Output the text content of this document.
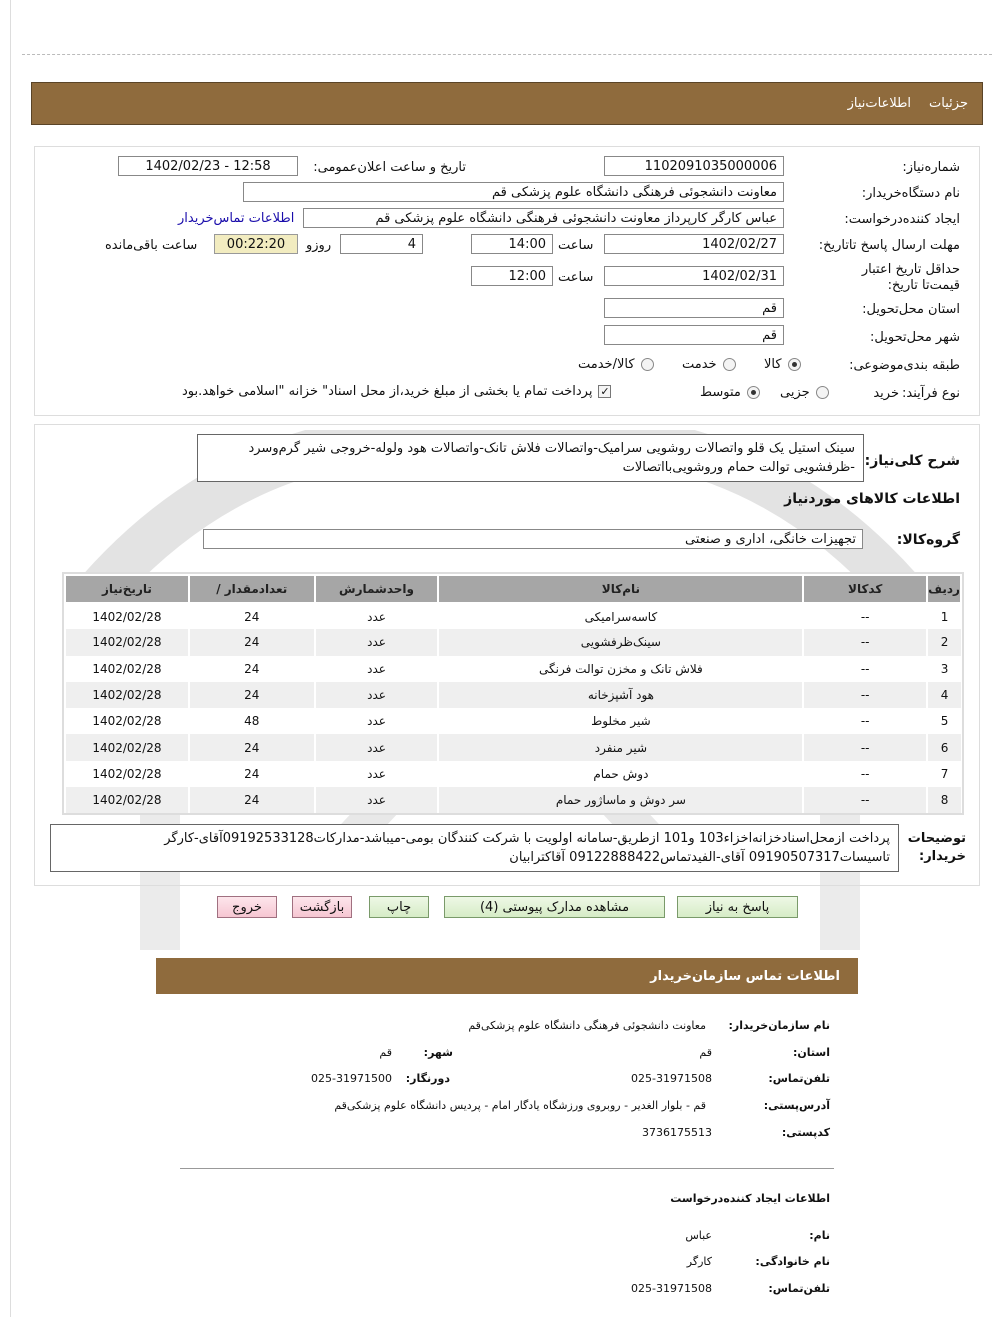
جزئیات
اطلاعات‌نیاز
شماره‌نیاز:
1102091035000006
تاریخ و ساعت اعلان‌عمومی:
1402/02/23 - 12:58
نام دستگاه‌خریدار:
معاونت دانشجوئی فرهنگی دانشگاه علوم پزشکی قم
ایجاد کننده‌درخواست:
عباس کارگر کارپرداز معاونت دانشجوئی فرهنگی دانشگاه علوم پزشکی قم
اطلاعات تماس‌خریدار
مهلت ارسال پاسخ تا‌تاریخ:
1402/02/27
ساعت
14:00
4
روزو
00:22:20
ساعت باقی‌مانده
حداقل تاریخ اعتبار قیمت‌تا تاریخ:
1402/02/31
ساعت
12:00
استان محل‌تحویل:
قم
شهر محل‌تحویل:
قم
طبقه بندی‌موضوعی:
کالا
خدمت
کالا/خدمت
نوع فرآیند:
خرید
جزیی
متوسط
✓
پرداخت تمام یا بخشی از مبلغ خرید،از محل اسناد" خزانه "اسلامی خواهد.بود
شرح کلی‌نیاز:
سینک استیل یک قلو واتصالات روشویی سرامیک-واتصالات فلاش تانک-واتصالات هود ولوله-خروجی شیر گرم‌وسرد -ظرفشویی توالت حمام وروشویی‌با‌اتصالات
اطلاعات کالاهای موردنیاز
گروه‌کالا:
تجهیزات خانگی، اداری و صنعتی
ردیف	کدکالا	نام‌کالا	واحدشمارش	تعدادمقدار /	تاریخ‌نیاز
1	--	کاسه‌سرامیکی	عدد	24	1402/02/28
2	--	سینک‌ظرفشویی	عدد	24	1402/02/28
3	--	فلاش تانک و مخزن توالت فرنگی	عدد	24	1402/02/28
4	--	هود آشپزخانه	عدد	24	1402/02/28
5	--	شیر مخلوط	عدد	48	1402/02/28
6	--	شیر منفرد	عدد	24	1402/02/28
7	--	دوش حمام	عدد	24	1402/02/28
8	--	سر دوش و ماساژور حمام	عدد	24	1402/02/28
توضیحات خریدار:
پرداخت ازمحل‌اسنادخزانه‌اخزاء103 و101 ازطریق-سامانه اولویت با شرکت کنندگان بومی-میباشد-مدارکات09192533128آقای-کارگر تاسیسات09190507317 آقای-الفیدتماس09122888422 آقاکترابیان
پاسخ به نیاز
مشاهده مدارک پیوستی (4)
چاپ
بازگشت
خروج
اطلاعات تماس سازمان‌خریدار
نام سازمان‌خریدار:
معاونت دانشجوئی فرهنگی دانشگاه علوم پزشکی‌قم
استان:
قم
شهر:
قم
تلفن‌تماس:
025-31971508
دورنگار:
025-31971500
آدرس‌پستی:
قم - بلوار الغدیر - روبروی ورزشگاه یادگار امام - پردیس دانشگاه علوم پزشکی‌قم
کد‌پستی:
3736175513
اطلاعات ایجاد کننده‌درخواست
نام:
عباس
نام خانوادگی:
کارگر
تلفن‌تماس:
025-31971508
